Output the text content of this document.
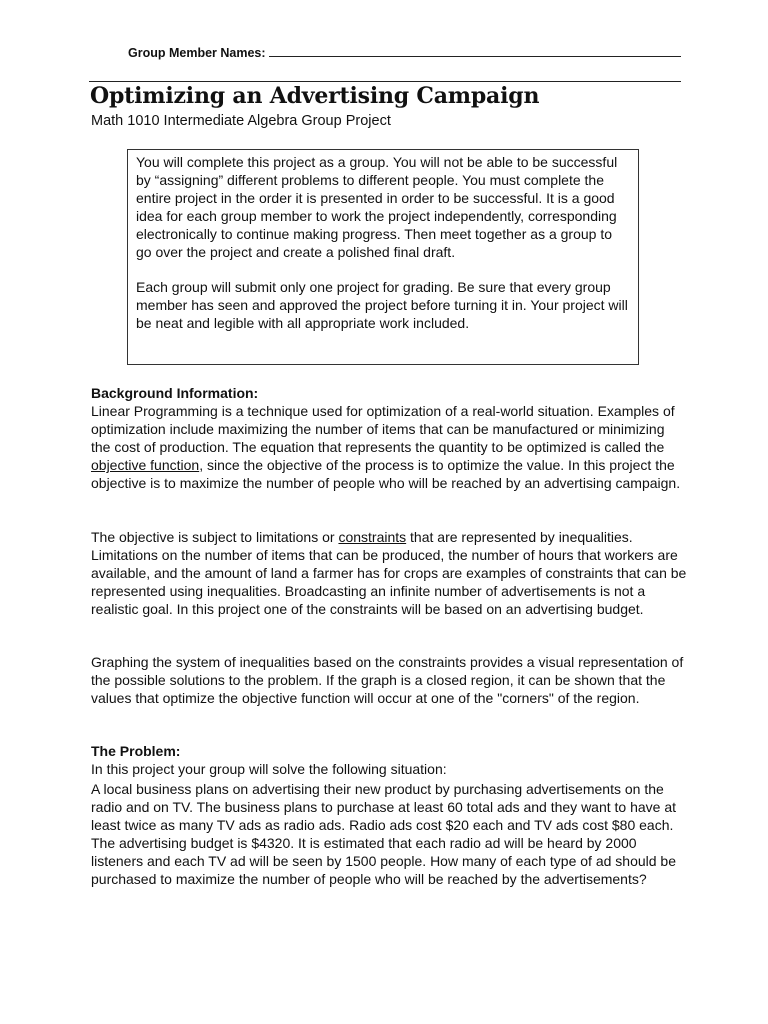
Group Member Names:
Optimizing an Advertising Campaign
Math 1010 Intermediate Algebra Group Project

You will complete this project as a group. You will not be able to be successful by “assigning” different problems to different people. You must complete the entire project in the order it is presented in order to be successful. It is a good idea for each group member to work the project independently, corresponding electronically to continue making progress. Then meet together as a group to go over the project and create a polished final draft.

Each group will submit only one project for grading. Be sure that every group member has seen and approved the project before turning it in. Your project will be neat and legible with all appropriate work included.

Background Information:

Linear Programming is a technique used for optimization of a real-world situation. Examples of optimization include maximizing the number of items that can be manufactured or minimizing the cost of production. The equation that represents the quantity to be optimized is called the objective function, since the objective of the process is to optimize the value. In this project the objective is to maximize the number of people who will be reached by an advertising campaign.

The objective is subject to limitations or constraints that are represented by inequalities. Limitations on the number of items that can be produced, the number of hours that workers are available, and the amount of land a farmer has for crops are examples of constraints that can be represented using inequalities. Broadcasting an infinite number of advertisements is not a realistic goal. In this project one of the constraints will be based on an advertising budget.

Graphing the system of inequalities based on the constraints provides a visual representation of the possible solutions to the problem. If the graph is a closed region, it can be shown that the values that optimize the objective function will occur at one of the "corners" of the region.

The Problem:

In this project your group will solve the following situation:

A local business plans on advertising their new product by purchasing advertisements on the radio and on TV. The business plans to purchase at least 60 total ads and they want to have at least twice as many TV ads as radio ads. Radio ads cost $20 each and TV ads cost $80 each. The advertising budget is $4320. It is estimated that each radio ad will be heard by 2000 listeners and each TV ad will be seen by 1500 people. How many of each type of ad should be purchased to maximize the number of people who will be reached by the advertisements?
